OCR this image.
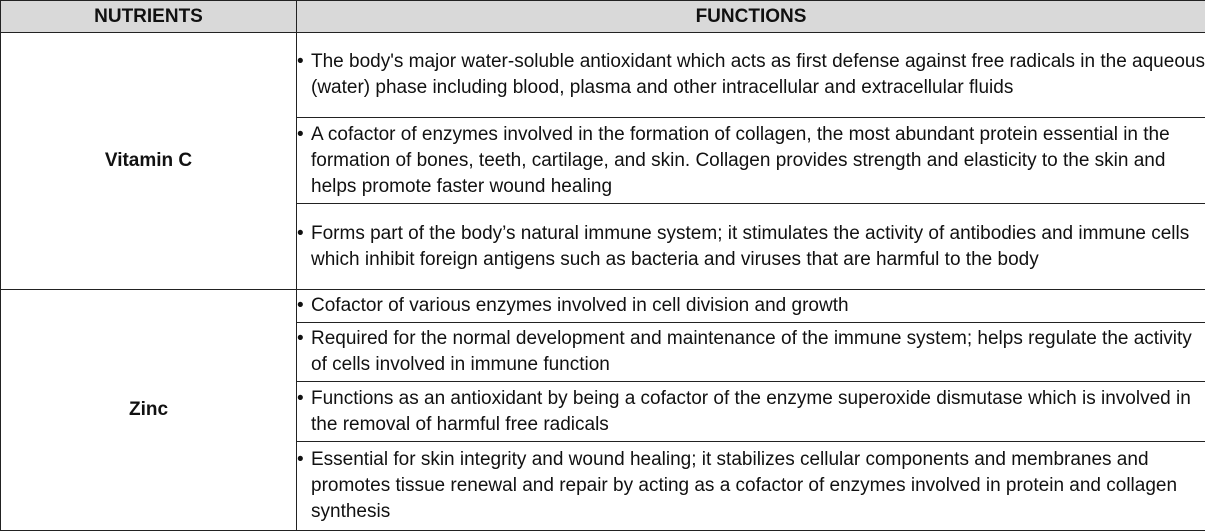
NUTRIENTS	FUNCTIONS
Vitamin C	• The body's major water-soluble antioxidant which acts as first defense against free radicals in the aqueous (water) phase including blood, plasma and other intracellular and extracellular fluids

	• A cofactor of enzymes involved in the formation of collagen, the most abundant protein essential in the formation of bones, teeth, cartilage, and skin. Collagen provides strength and elasticity to the skin and helps promote faster wound healing

	• Forms part of the body’s natural immune system; it stimulates the activity of antibodies and immune cells which inhibit foreign antigens such as bacteria and viruses that are harmful to the body

Zinc	• Cofactor of various enzymes involved in cell division and growth

	• Required for the normal development and maintenance of the immune system; helps regulate the activity of cells involved in immune function

	• Functions as an antioxidant by being a cofactor of the enzyme superoxide dismutase which is involved in the removal of harmful free radicals

	• Essential for skin integrity and wound healing; it stabilizes cellular components and membranes and promotes tissue renewal and repair by acting as a cofactor of enzymes involved in protein and collagen synthesis
